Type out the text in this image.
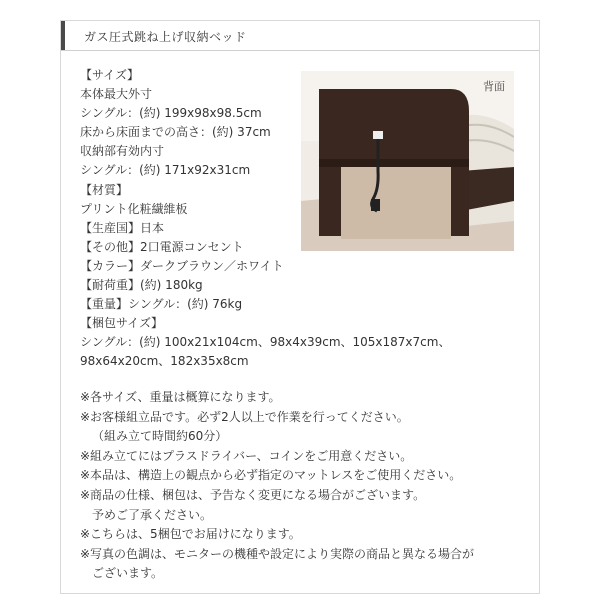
ガス圧式跳ね上げ収納ベッド
【サイズ】
本体最大外寸
シングル：(約) 199x98x98.5cm
床から床面までの高さ：(約) 37cm
収納部有効内寸
シングル：(約) 171x92x31cm
【材質】
プリント化粧繊維板
【生産国】日本
【その他】2口電源コンセント
【カラー】ダークブラウン／ホワイト
【耐荷重】(約) 180kg
【重量】シングル：(約) 76kg
【梱包サイズ】
シングル：(約) 100x21x104cm、98x4x39cm、105x187x7cm、
98x64x20cm、182x35x8cm
背面
※各サイズ、重量は概算になります。
※お客様組立品です。必ず2人以上で作業を行ってください。
（組み立て時間約60分）
※組み立てにはプラスドライバー、コインをご用意ください。
※本品は、構造上の観点から必ず指定のマットレスをご使用ください。
※商品の仕様、梱包は、予告なく変更になる場合がございます。
予めご了承ください。
※こちらは、5梱包でお届けになります。
※写真の色調は、モニターの機種や設定により実際の商品と異なる場合が
ございます。
